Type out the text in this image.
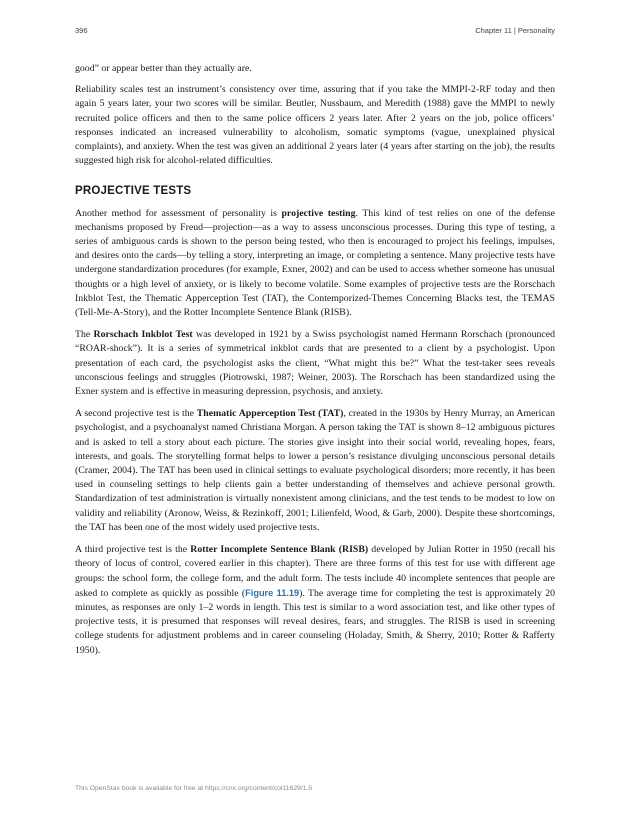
396	Chapter 11 | Personality

good” or appear better than they actually are.

Reliability scales test an instrument’s consistency over time, assuring that if you take the MMPI-2-RF today and then again 5 years later, your two scores will be similar. Beutler, Nussbaum, and Meredith (1988) gave the MMPI to newly recruited police officers and then to the same police officers 2 years later. After 2 years on the job, police officers’ responses indicated an increased vulnerability to alcoholism, somatic symptoms (vague, unexplained physical complaints), and anxiety. When the test was given an additional 2 years later (4 years after starting on the job), the results suggested high risk for alcohol-related difficulties.

PROJECTIVE TESTS

Another method for assessment of personality is projective testing. This kind of test relies on one of the defense mechanisms proposed by Freud—projection—as a way to assess unconscious processes. During this type of testing, a series of ambiguous cards is shown to the person being tested, who then is encouraged to project his feelings, impulses, and desires onto the cards—by telling a story, interpreting an image, or completing a sentence. Many projective tests have undergone standardization procedures (for example, Exner, 2002) and can be used to access whether someone has unusual thoughts or a high level of anxiety, or is likely to become volatile. Some examples of projective tests are the Rorschach Inkblot Test, the Thematic Apperception Test (TAT), the Contemporized-Themes Concerning Blacks test, the TEMAS (Tell-Me-A-Story), and the Rotter Incomplete Sentence Blank (RISB).

The Rorschach Inkblot Test was developed in 1921 by a Swiss psychologist named Hermann Rorschach (pronounced “ROAR-shock”). It is a series of symmetrical inkblot cards that are presented to a client by a psychologist. Upon presentation of each card, the psychologist asks the client, “What might this be?” What the test-taker sees reveals unconscious feelings and struggles (Piotrowski, 1987; Weiner, 2003). The Rorschach has been standardized using the Exner system and is effective in measuring depression, psychosis, and anxiety.

A second projective test is the Thematic Apperception Test (TAT), created in the 1930s by Henry Murray, an American psychologist, and a psychoanalyst named Christiana Morgan. A person taking the TAT is shown 8–12 ambiguous pictures and is asked to tell a story about each picture. The stories give insight into their social world, revealing hopes, fears, interests, and goals. The storytelling format helps to lower a person’s resistance divulging unconscious personal details (Cramer, 2004). The TAT has been used in clinical settings to evaluate psychological disorders; more recently, it has been used in counseling settings to help clients gain a better understanding of themselves and achieve personal growth. Standardization of test administration is virtually nonexistent among clinicians, and the test tends to be modest to low on validity and reliability (Aronow, Weiss, & Rezinkoff, 2001; Lilienfeld, Wood, & Garb, 2000). Despite these shortcomings, the TAT has been one of the most widely used projective tests.

A third projective test is the Rotter Incomplete Sentence Blank (RISB) developed by Julian Rotter in 1950 (recall his theory of locus of control, covered earlier in this chapter). There are three forms of this test for use with different age groups: the school form, the college form, and the adult form. The tests include 40 incomplete sentences that people are asked to complete as quickly as possible (Figure 11.19). The average time for completing the test is approximately 20 minutes, as responses are only 1–2 words in length. This test is similar to a word association test, and like other types of projective tests, it is presumed that responses will reveal desires, fears, and struggles. The RISB is used in screening college students for adjustment problems and in career counseling (Holaday, Smith, & Sherry, 2010; Rotter & Rafferty 1950).

This OpenStax book is available for free at https://cnx.org/content/col11629/1.5
